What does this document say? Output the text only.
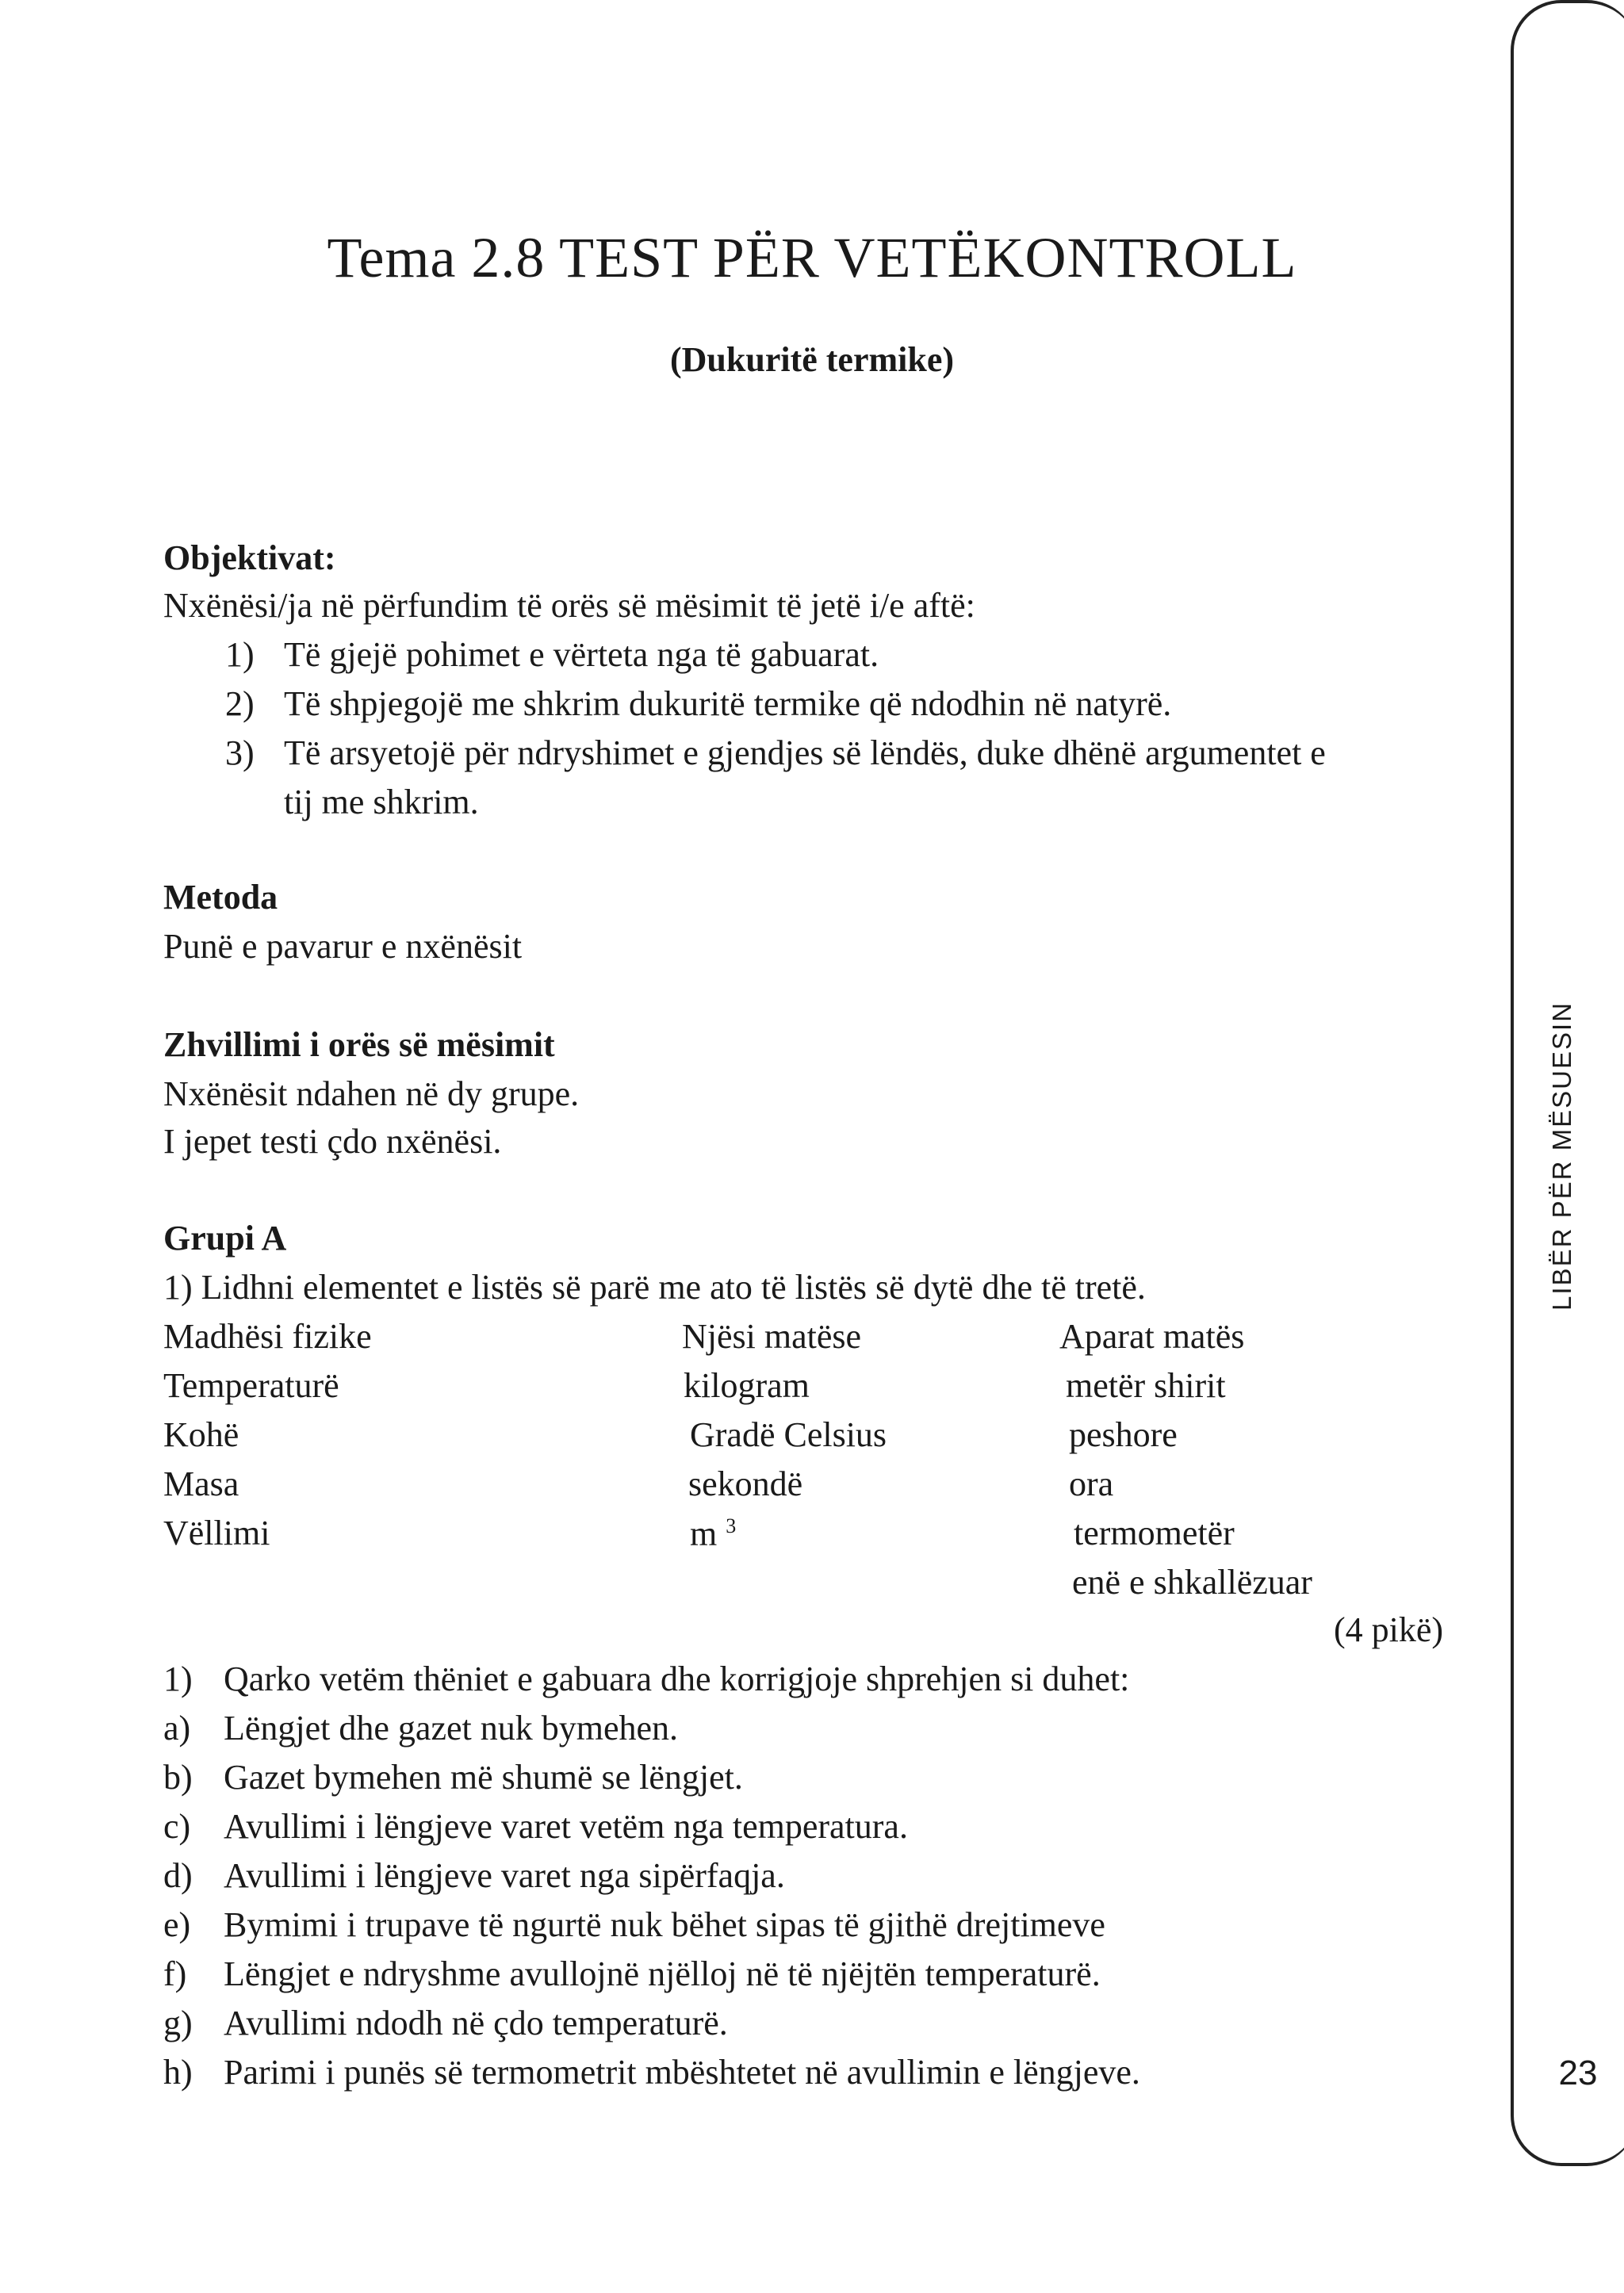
LIBËR PËR MËSUESIN
23
Tema 2.8 TEST PËR VETËKONTROLL
(Dukuritë termike)
Objektivat:
Nxënësi/ja në përfundim të orës së mësimit të jetë i/e aftë:
1) Të gjejë pohimet e vërteta nga të gabuarat.
2) Të shpjegojë me shkrim dukuritë termike që ndodhin në natyrë.
3) Të arsyetojë për ndryshimet e gjendjes së lëndës, duke dhënë argumentet e
tij me shkrim.
Metoda
Punë e pavarur e nxënësit
Zhvillimi i orës së mësimit
Nxënësit ndahen në dy grupe.
I jepet testi çdo nxënësi.
Grupi A
1) Lidhni elementet e listës së parë me ato të listës së dytë dhe të tretë.
Madhësi fizike	Njësi matëse	Aparat matës
Temperaturë
Kohë
Masa
Vëllimi
kilogram
Gradë Celsius
sekondë
m $^3$
metër shirit
peshore
ora
termometër
enë e shkallëzuar
(4 pikë)
1) Qarko vetëm thëniet e gabuara dhe korrigjoje shprehjen si duhet:
a) Lëngjet dhe gazet nuk bymehen.
b) Gazet bymehen më shumë se lëngjet.
c) Avullimi i lëngjeve varet vetëm nga temperatura.
d) Avullimi i lëngjeve varet nga sipërfaqja.
e) Bymimi i trupave të ngurtë nuk bëhet sipas të gjithë drejtimeve
f) Lëngjet e ndryshme avullojnë njëlloj në të njëjtën temperaturë.
g) Avullimi ndodh në çdo temperaturë.
h) Parimi i punës së termometrit mbështetet në avullimin e lëngjeve.
